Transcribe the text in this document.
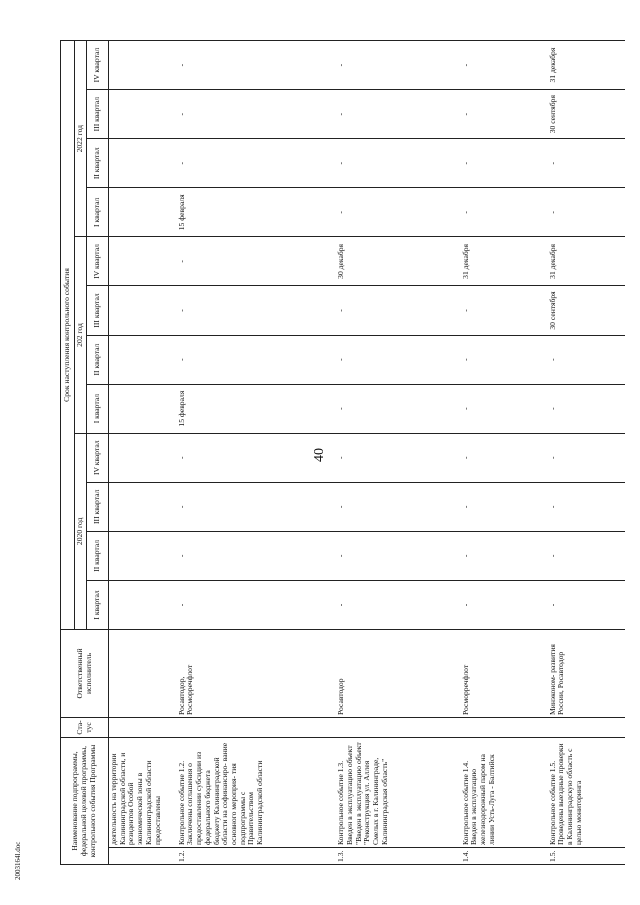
40
2003164l.doc
Наименование подпрограммы, федеральной целевой программы, контрольного события Программы		Ста- тус	Ответственный исполнитель	Срок наступления контрольного события											
				2020 год				202 год				2022 год			
				I квартал	II квартал	III квартал	IV квартал	I квартал	II квартал	III квартал	IV квартал	I квартал	II квартал	III квартал	IV квартал
	деятельность на территории Калининградской области, и резидентов Особой экономической зоны в Калининградской области предоставлены														
1.2.	Контрольное событие 1.2. Заключены соглашения о предоставлении субсидии из федерального бюджета бюджету Калининградской области на софинансиро- вание основного мероприя- тия подпрограммы с Правительством Калининградской области		Росавтодор, Росморречфлот	-	-	-	-	15 февраля	-	-	-	15 февраля	-	-	-
1.3.	Контрольное событие 1.3. Введен в эксплуатацию объект "Введен в эксплуатацию объект "Реконструкция ул. Аллея Смелых в г. Калининграде, Калининградская область"		Росавтодор	-	-	-	-	-	-	-	30 декабря	-	-	-	-
1.4.	Контрольное событие 1.4. Введен в эксплуатацию железнодорожный паром на линии Усть-Луга - Балтийск		Росморречфлот	-	-	-	-	-	-	-	31 декабря	-	-	-	-
1.5.	Контрольное событие 1.5. Проведены выездные проверки в Калининградскую область с целью мониторинга		Минэконом- развития России, Росавтодор	-	-	-	-	-	-	30 сентября	31 декабря	-	-	30 сентября	31 декабря
